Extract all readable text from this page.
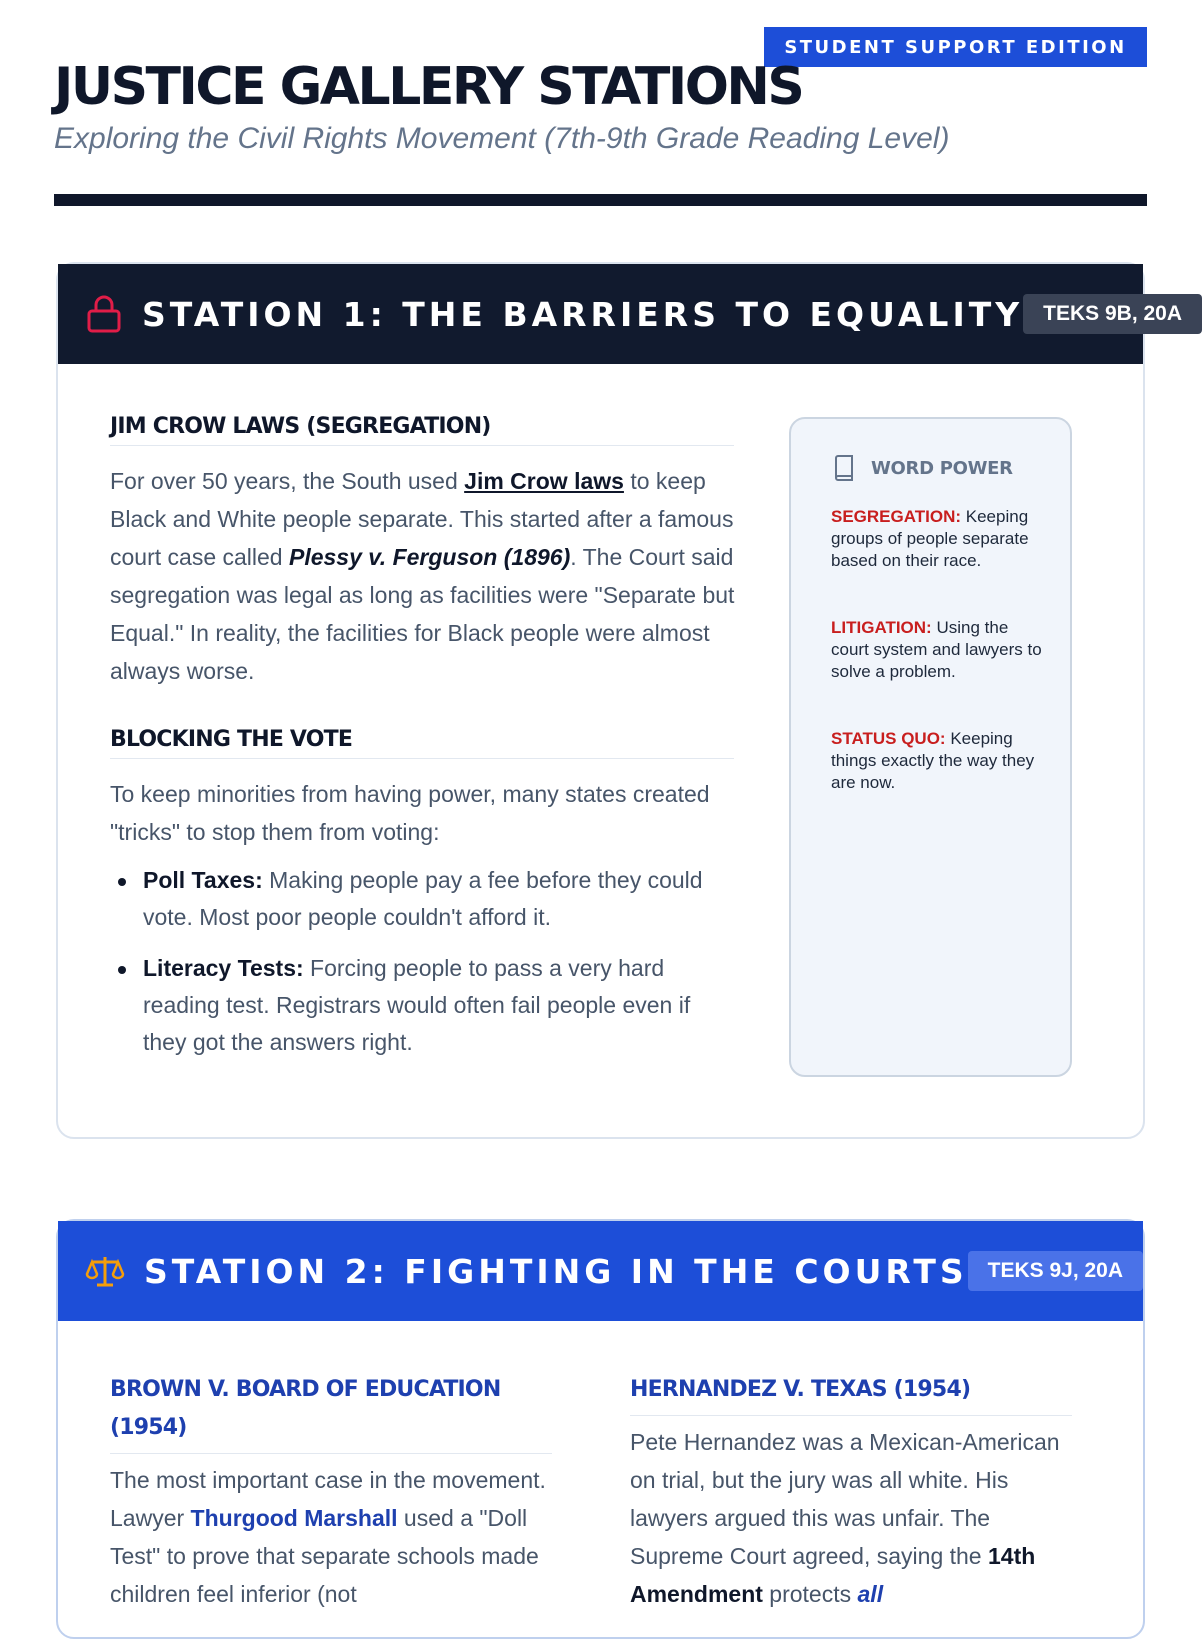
STUDENT SUPPORT EDITION
JUSTICE GALLERY STATIONS

Exploring the Civil Rights Movement (7th-9th Grade Reading Level)

STATION 1: THE BARRIERS TO EQUALITY TEKS 9B, 20A
JIM CROW LAWS (SEGREGATION)

For over 50 years, the South used Jim Crow laws to keep Black and White people separate. This started after a famous court case called Plessy v. Ferguson (1896). The Court said segregation was legal as long as facilities were "Separate but Equal." In reality, the facilities for Black people were almost always worse.

BLOCKING THE VOTE

To keep minorities from having power, many states created "tricks" to stop them from voting:

Poll Taxes: Making people pay a fee before they could vote. Most poor people couldn't afford it.
Literacy Tests: Forcing people to pass a very hard reading test. Registrars would often fail people even if they got the answers right.
WORD POWER
SEGREGATION: Keeping groups of people separate based on their race.
LITIGATION: Using the court system and lawyers to solve a problem.
STATUS QUO: Keeping things exactly the way they are now.
STATION 2: FIGHTING IN THE COURTS TEKS 9J, 20A
BROWN V. BOARD OF EDUCATION (1954)

The most important case in the movement. Lawyer Thurgood Marshall used a "Doll Test" to prove that separate schools made children feel inferior (not

HERNANDEZ V. TEXAS (1954)

Pete Hernandez was a Mexican-American on trial, but the jury was all white. His lawyers argued this was unfair. The Supreme Court agreed, saying the 14th Amendment protects all
